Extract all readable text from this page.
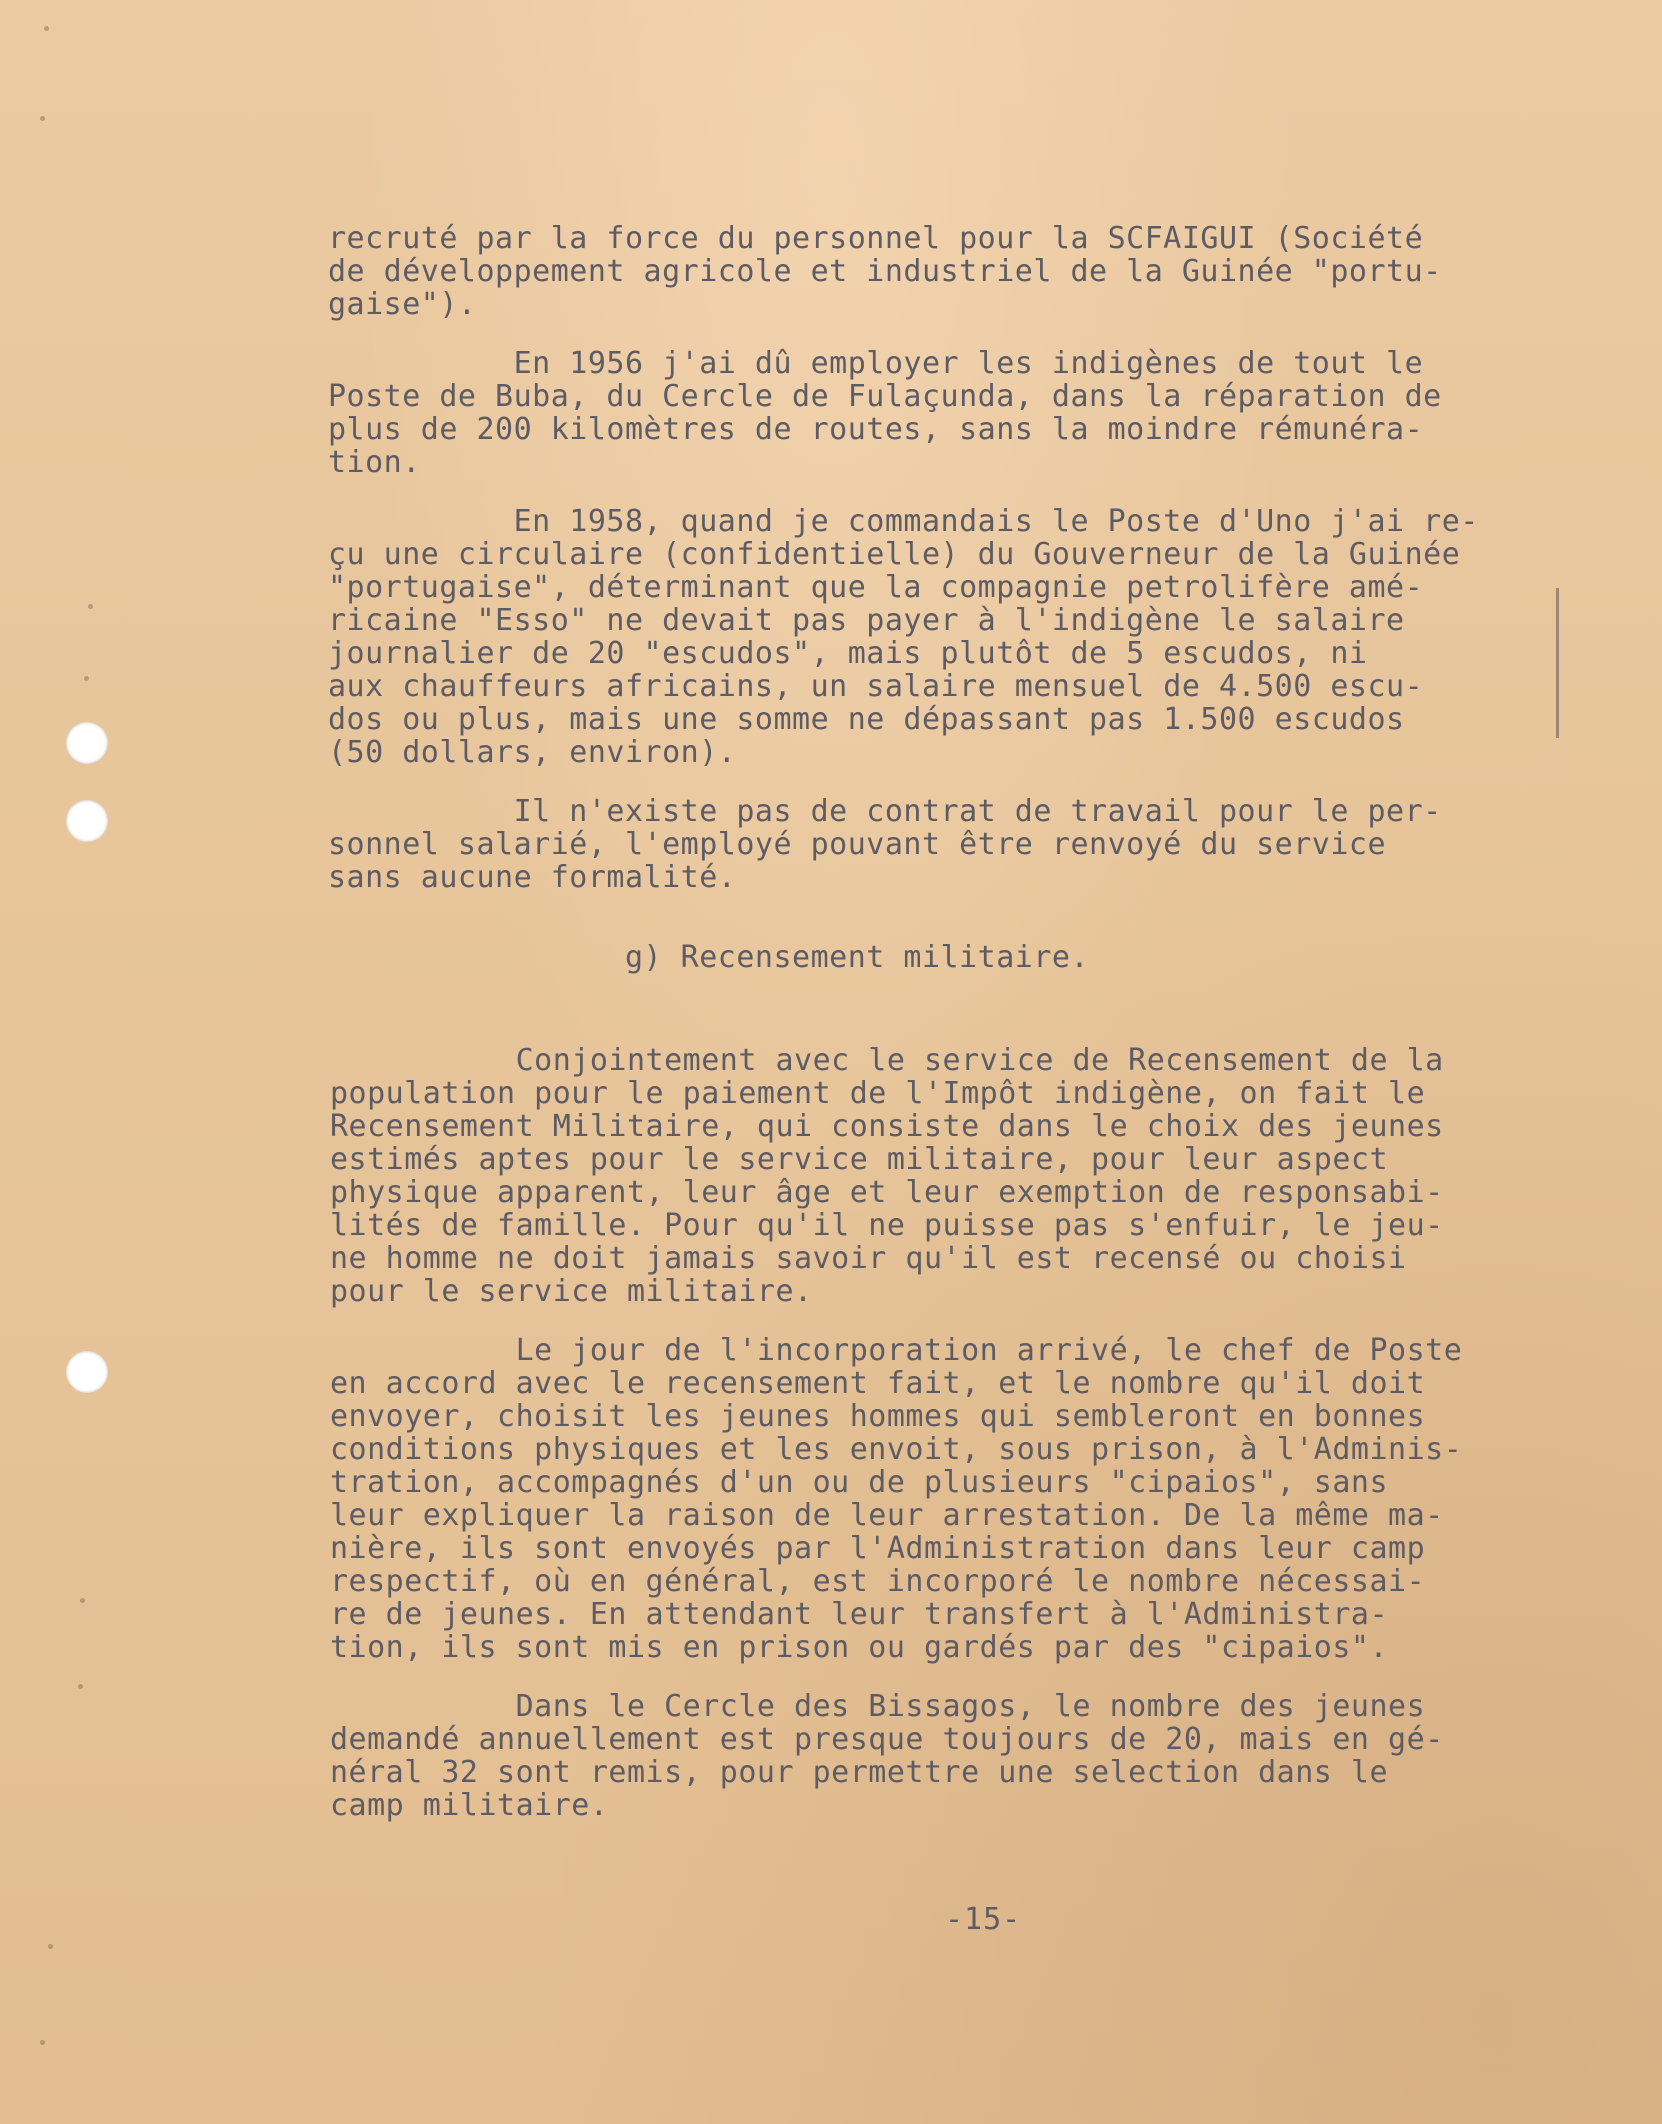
recruté par la force du personnel pour la SCFAIGUI (Société
de développement agricole et industriel de la Guinée "portu-
gaise").

En 1956 j'ai dû employer les indigènes de tout le
Poste de Buba, du Cercle de Fulaçunda, dans la réparation de
plus de 200 kilomètres de routes, sans la moindre rémunéra-
tion.

En 1958, quand je commandais le Poste d'Uno j'ai re-
çu une circulaire (confidentielle) du Gouverneur de la Guinée
"portugaise", déterminant que la compagnie petrolifère amé-
ricaine "Esso" ne devait pas payer à l'indigène le salaire
journalier de 20 "escudos", mais plutôt de 5 escudos, ni
aux chauffeurs africains, un salaire mensuel de 4.500 escu-
dos ou plus, mais une somme ne dépassant pas 1.500 escudos
(50 dollars, environ).

Il n'existe pas de contrat de travail pour le per-
sonnel salarié, l'employé pouvant être renvoyé du service
sans aucune formalité.

g) Recensement militaire.

Conjointement avec le service de Recensement de la
population pour le paiement de l'Impôt indigène, on fait le
Recensement Militaire, qui consiste dans le choix des jeunes
estimés aptes pour le service militaire, pour leur aspect
physique apparent, leur âge et leur exemption de responsabi-
lités de famille. Pour qu'il ne puisse pas s'enfuir, le jeu-
ne homme ne doit jamais savoir qu'il est recensé ou choisi
pour le service militaire.

Le jour de l'incorporation arrivé, le chef de Poste
en accord avec le recensement fait, et le nombre qu'il doit
envoyer, choisit les jeunes hommes qui sembleront en bonnes
conditions physiques et les envoit, sous prison, à l'Adminis-
tration, accompagnés d'un ou de plusieurs "cipaios", sans
leur expliquer la raison de leur arrestation. De la même ma-
nière, ils sont envoyés par l'Administration dans leur camp
respectif, où en général, est incorporé le nombre nécessai-
re de jeunes. En attendant leur transfert à l'Administra-
tion, ils sont mis en prison ou gardés par des "cipaios".

Dans le Cercle des Bissagos, le nombre des jeunes
demandé annuellement est presque toujours de 20, mais en gé-
néral 32 sont remis, pour permettre une selection dans le
camp militaire.

-15-
